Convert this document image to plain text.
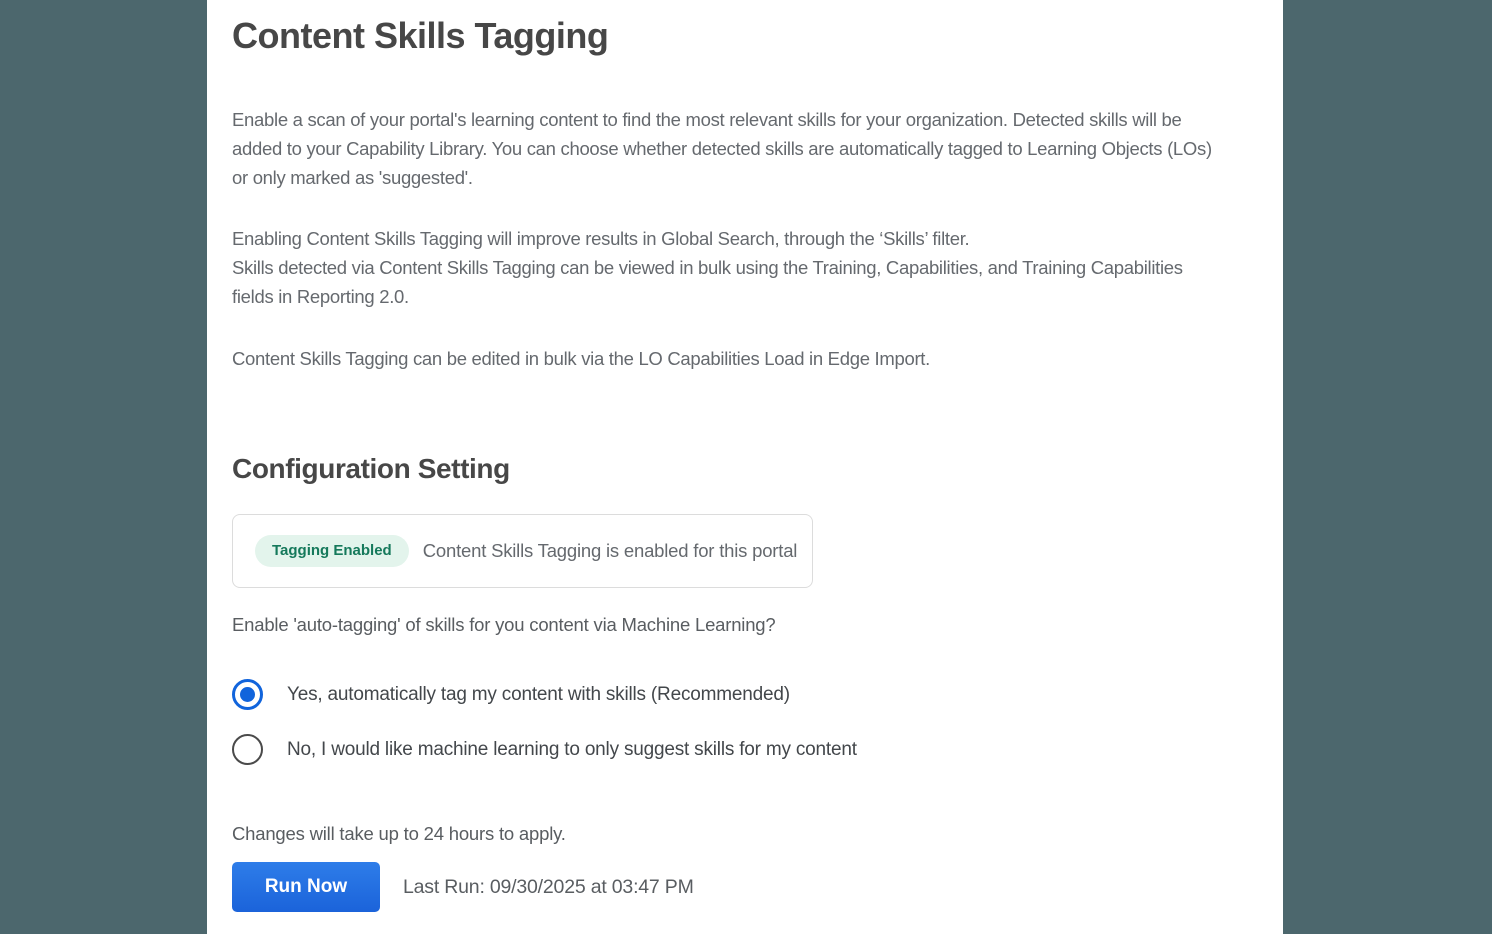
Content Skills Tagging
Enable a scan of your portal's learning content to find the most relevant skills for your organization. Detected skills will be
added to your Capability Library. You can choose whether detected skills are automatically tagged to Learning Objects (LOs)
or only marked as 'suggested'.
Enabling Content Skills Tagging will improve results in Global Search, through the ‘Skills’ filter.
Skills detected via Content Skills Tagging can be viewed in bulk using the Training, Capabilities, and Training Capabilities
fields in Reporting 2.0.
Content Skills Tagging can be edited in bulk via the LO Capabilities Load in Edge Import.
Configuration Setting
Tagging Enabled	Content Skills Tagging is enabled for this portal
Enable 'auto-tagging' of skills for you content via Machine Learning?
Yes, automatically tag my content with skills (Recommended)
No, I would like machine learning to only suggest skills for my content
Changes will take up to 24 hours to apply.
Run Now	Last Run: 09/30/2025 at 03:47 PM
